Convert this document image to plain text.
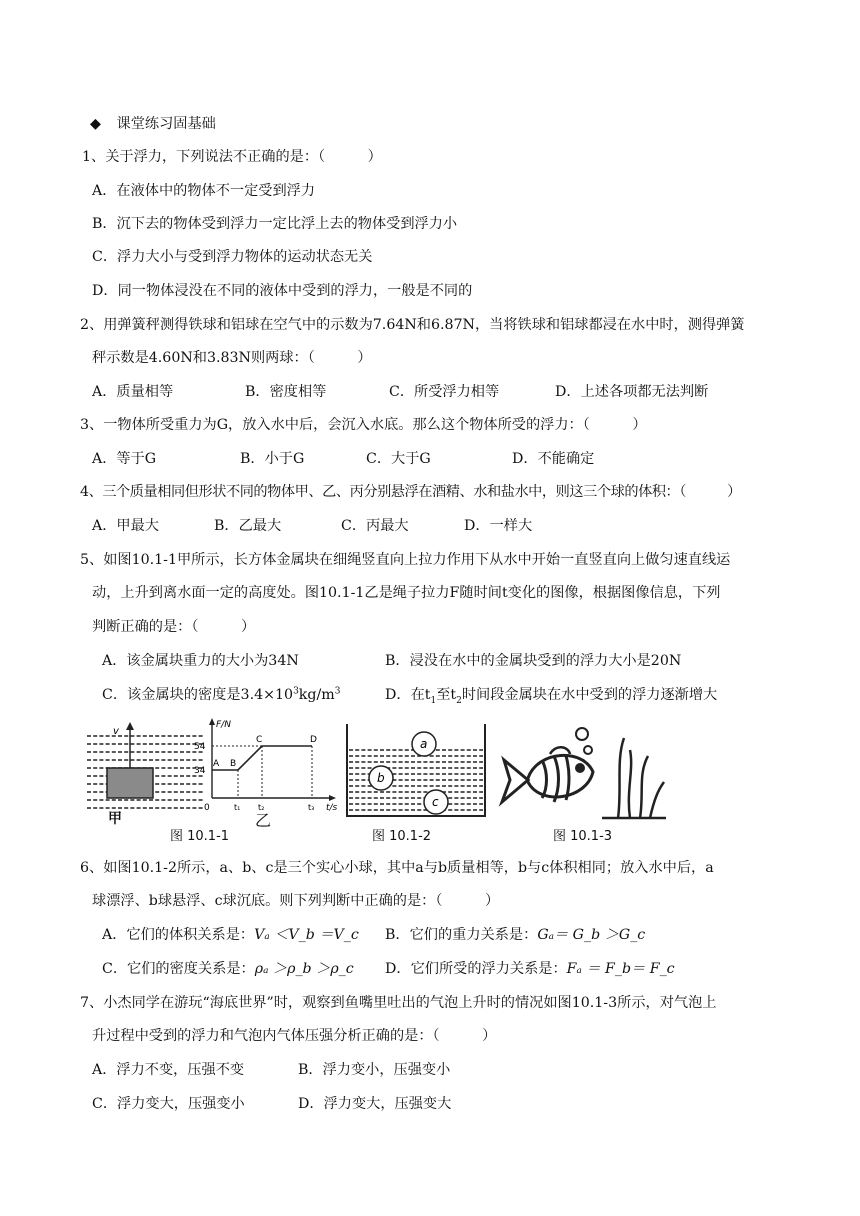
◆ 课堂练习固基础
1、关于浮力，下列说法不正确的是：（　　　）
A．在液体中的物体不一定受到浮力
B．沉下去的物体受到浮力一定比浮上去的物体受到浮力小
C．浮力大小与受到浮力物体的运动状态无关
D．同一物体浸没在不同的液体中受到的浮力，一般是不同的
2、用弹簧秤测得铁球和铝球在空气中的示数为7.64N和6.87N，当将铁球和铝球都浸在水中时，测得弹簧
秤示数是4.60N和3.83N则两球：（　　　）
A．质量相等	B．密度相等	C．所受浮力相等	D．上述各项都无法判断
3、一物体所受重力为G，放入水中后，会沉入水底。那么这个物体所受的浮力：（　　　）
A．等于G	B．小于G	C．大于G	D．不能确定
4、三个质量相同但形状不同的物体甲、乙、丙分别悬浮在酒精、水和盐水中，则这三个球的体积：（　　　）
A．甲最大	B．乙最大	C．丙最大	D．一样大
5、如图10.1-1甲所示，长方体金属块在细绳竖直向上拉力作用下从水中开始一直竖直向上做匀速直线运
动，上升到离水面一定的高度处。图10.1-1乙是绳子拉力F随时间t变化的图像，根据图像信息，下列
判断正确的是：（　　　）
A．该金属块重力的大小为34N	B．浸没在水中的金属块受到的浮力大小是20N
C．该金属块的密度是$3.4\times 10^3kg/m^3$	D．在$t_1$至$t_2$时间段金属块在水中受到的浮力逐渐增大
v
甲
F/N
t/s
54
34
0
A B
C	D
t₁ t₂	t₃
乙
图 10.1-1
a
b
c
图 10.1-2	图 10.1-3
6、如图10.1-2所示，a、b、c是三个实心小球，其中a与b质量相等，b与c体积相同；放入水中后，a
球漂浮、b球悬浮、c球沉底。则下列判断中正确的是：（　　　）
A．它们的体积关系是：Vₐ ＜V_b ＝V_c B．它们的重力关系是：Gₐ＝ G_b ＞G_c
C．它们的密度关系是：ρₐ ＞ρ_b ＞ρ_c D．它们所受的浮力关系是：Fₐ ＝ F_b＝ F_c
7、小杰同学在游玩“海底世界”时，观察到鱼嘴里吐出的气泡上升时的情况如图10.1-3所示，对气泡上
升过程中受到的浮力和气泡内气体压强分析正确的是：（　　　）
A．浮力不变，压强不变	B．浮力变小，压强变小
C．浮力变大，压强变小	D．浮力变大，压强变大
